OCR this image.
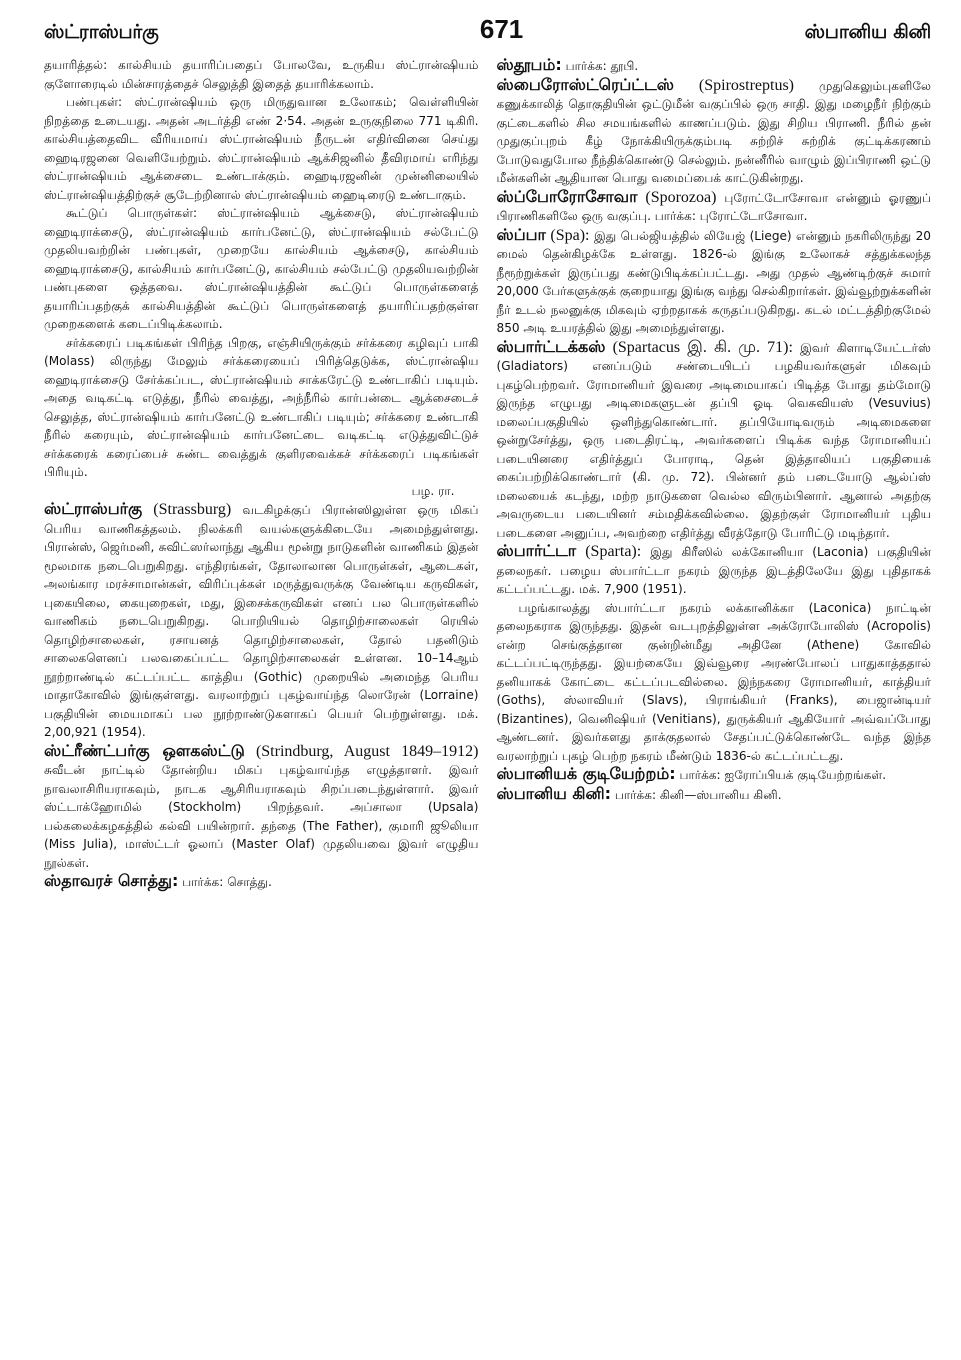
ஸ்ட்ராஸ்பர்கு	671	ஸ்பானிய கினி

தயாரித்தல்: கால்சியம் தயாரிப்பதைப் போலவே, உருகிய ஸ்ட்ரான்ஷியம் குளோரைடில் மின்சாரத்தைச் செலுத்தி இதைத் தயாரிக்கலாம்.

பண்புகள்: ஸ்ட்ரான்ஷியம் ஒரு மிருதுவான உலோகம்; வெள்ளியின் நிறத்தை உடையது. அதன் அடர்த்தி எண் 2·54. அதன் உருகுநிலை 771 டிகிரி. கால்சியத்தைவிட வீரியமாய் ஸ்ட்ரான்ஷியம் நீருடன் எதிர்வினை செய்து ஹைடிரஜனை வெளியேற்றும். ஸ்ட்ரான்ஷியம் ஆக்சிஜனில் தீவிரமாய் எரிந்து ஸ்ட்ரான்ஷியம் ஆக்சைடை உண்டாக்கும். ஹைடிரஜனின் முன்னிலையில் ஸ்ட்ரான்ஷியத்திற்குச் சூடேற்றினால் ஸ்ட்ரான்ஷியம் ஹைடிரைடு உண்டாகும்.

கூட்டுப் பொருள்கள்: ஸ்ட்ரான்ஷியம் ஆக்சைடு, ஸ்ட்ரான்ஷியம் ஹைடிராக்சைடு, ஸ்ட்ரான்ஷியம் கார்பனேட்டு, ஸ்ட்ரான்ஷியம் சல்பேட்டு முதலியவற்றின் பண்புகள், முறையே கால்சியம் ஆக்சைடு, கால்சியம் ஹைடிராக்சைடு, கால்சியம் கார்பனேட்டு, கால்சியம் சல்பேட்டு முதலியவற்றின் பண்புகளை ஒத்தவை. ஸ்ட்ரான்ஷியத்தின் கூட்டுப் பொருள்களைத் தயாரிப்பதற்குக் கால்சியத்தின் கூட்டுப் பொருள்களைத் தயாரிப்பதற்குள்ள முறைகளைக் கடைப்பிடிக்கலாம்.

சர்க்கரைப் படிகங்கள் பிரிந்த பிறகு, எஞ்சியிருக்கும் சர்க்கரை கழிவுப் பாகி (Molass) லிருந்து மேலும் சர்க்கரையைப் பிரித்தெடுக்க, ஸ்ட்ரான்ஷிய ஹைடிராக்சைடு சேர்க்கப்பட, ஸ்ட்ரான்ஷியம் சாக்கரேட்டு உண்டாகிப் படியும். அதை வடிகட்டி எடுத்து, நீரில் வைத்து, அந்நீரில் கார்பன்டை ஆக்சைடைச் செலுத்த, ஸ்ட்ரான்ஷியம் கார்பனேட்டு உண்டாகிப் படியும்; சர்க்கரை உண்டாகி நீரில் கரையும், ஸ்ட்ரான்ஷியம் கார்பனேட்டை வடிகட்டி எடுத்துவிட்டுச் சர்க்கரைக் கரைப்பைச் சுண்ட வைத்துக் குளிரவைக்கச் சர்க்கரைப் படிகங்கள் பிரியும்.
பழ. ரா.

ஸ்ட்ராஸ்பர்கு (Strassburg) வடகிழக்குப் பிரான்ஸிலுள்ள ஒரு மிகப் பெரிய வாணிகத்தலம். நிலக்கரி வயல்களுக்கிடையே அமைந்துள்ளது. பிரான்ஸ், ஜெர்மனி, சுவிட்ஸர்லாந்து ஆகிய மூன்று நாடுகளின் வாணிகம் இதன் மூலமாக நடைபெறுகிறது. எந்திரங்கள், தோலாலான பொருள்கள், ஆடைகள், அலங்கார மரச்சாமான்கள், விரிப்புக்கள் மருத்துவருக்கு வேண்டிய கருவிகள், புகையிலை, கையுறைகள், மது, இசைக்கருவிகள் எனப் பல பொருள்களில் வாணிகம் நடைபெறுகிறது. பொறியியல் தொழிற்சாலைகள் ரெயில் தொழிற்சாலைகள், ரசாயனத் தொழிற்சாலைகள், தோல் பதனிடும் சாலைகளெனப் பலவகைப்பட்ட தொழிற்சாலைகள் உள்ளன. 10–14ஆம் நூற்றாண்டில் கட்டப்பட்ட காத்திய (Gothic) முறையில் அமைந்த பெரிய மாதாகோவில் இங்குள்ளது. வரலாற்றுப் புகழ்வாய்ந்த லொரேன் (Lorraine) பகுதியின் மையமாகப் பல நூற்றாண்டுகளாகப் பெயர் பெற்றுள்ளது. மக். 2,00,921 (1954).

ஸ்ட்ரீண்ட்பர்கு ஒளகஸ்ட்டு (Strindburg, August 1849–1912) சுவீடன் நாட்டில் தோன்றிய மிகப் புகழ்வாய்ந்த எழுத்தாளர். இவர் நாவலாசிரியராகவும், நாடக ஆசிரியராகவும் சிறப்படைந்துள்ளார். இவர் ஸ்ட்டாக்ஹோமில் (Stockholm) பிறந்தவர். அப்சாலா (Upsala) பல்கலைக்கழகத்தில் கல்வி பயின்றார். தந்தை (The Father), குமாரி ஜூலியா (Miss Julia), மாஸ்ட்டர் ஓலாப் (Master Olaf) முதலியவை இவர் எழுதிய நூல்கள்.

ஸ்தாவரச் சொத்து: பார்க்க: சொத்து.

ஸ்தூபம்: பார்க்க: தூபி.

ஸ்பைரோஸ்ட்ரெப்ட்டஸ் (Spirostreptus) முதுகெலும்புகளிலே கணுக்காலித் தொகுதியின் ஒட்டுமீன் வகுப்பில் ஒரு சாதி. இது மழைநீர் நிற்கும் குட்டைகளில் சில சமயங்களில் காணப்படும். இது சிறிய பிராணி. நீரில் தன் முதுகுப்புறம் கீழ் நோக்கியிருக்கும்படி சுற்றிச் சுற்றிக் குட்டிக்கரணம் போடுவதுபோல நீந்திக்கொண்டு செல்லும். நன்னீரில் வாழும் இப்பிராணி ஒட்டு மீன்களின் ஆதியான பொது வமைப்பைக் காட்டுகின்றது.

ஸ்ப்போரோசோவா (Sporozoa) புரோட்டோசோவா என்னும் ஓரணுப் பிராணிகளிலே ஒரு வகுப்பு. பார்க்க: புரோட்டோசோவா.

ஸ்ப்பா (Spa): இது பெல்ஜியத்தில் லியேஜ் (Liege) என்னும் நகரிலிருந்து 20 மைல் தென்கிழக்கே உள்ளது. 1826-ல் இங்கு உலோகச் சத்துக்கலந்த நீரூற்றுக்கள் இருப்பது கண்டுபிடிக்கப்பட்டது. அது முதல் ஆண்டிற்குச் சுமார் 20,000 பேர்களுக்குக் குறையாது இங்கு வந்து செல்கிறார்கள். இவ்வூற்றுக்களின் நீர் உடல் நலனுக்கு மிகவும் ஏற்றதாகக் கருதப்படுகிறது. கடல் மட்டத்திற்குமேல் 850 அடி உயரத்தில் இது அமைந்துள்ளது.

ஸ்பார்ட்டக்கஸ் (Spartacus இ. கி. மு. 71): இவர் கிளாடியேட்டர்ஸ் (Gladiators) எனப்படும் சண்டையிடப் பழகியவர்களுள் மிகவும் புகழ்பெற்றவர். ரோமானியர் இவரை அடிமையாகப் பிடித்த போது தம்மோடு இருந்த எழுபது அடிமைகளுடன் தப்பி ஓடி வெசுவியஸ் (Vesuvius) மலைப்பகுதியில் ஒளிந்துகொண்டார். தப்பியோடிவரும் அடிமைகளை ஒன்றுசேர்த்து, ஒரு படைதிரட்டி, அவர்களைப் பிடிக்க வந்த ரோமானியப் படையினரை எதிர்த்துப் போராடி, தென் இத்தாலியப் பகுதியைக் கைப்பற்றிக்கொண்டார் (கி. மு. 72). பின்னர் தம் படையோடு ஆல்ப்ஸ் மலையைக் கடந்து, மற்ற நாடுகளை வெல்ல விரும்பினார். ஆனால் அதற்கு அவருடைய படையினர் சம்மதிக்கவில்லை. இதற்குள் ரோமானியர் புதிய படைகளை அனுப்ப, அவற்றை எதிர்த்து வீரத்தோடு போரிட்டு மடிந்தார்.

ஸ்பார்ட்டா (Sparta): இது கிரீஸில் லக்கோனியா (Laconia) பகுதியின் தலைநகர். பழைய ஸ்பார்ட்டா நகரம் இருந்த இடத்திலேயே இது புதிதாகக் கட்டப்பட்டது. மக். 7,900 (1951).

பழங்காலத்து ஸ்பார்ட்டா நகரம் லக்கானிக்கா (Laconica) நாட்டின் தலைநகராக இருந்தது. இதன் வடபுறத்திலுள்ள அக்ரோபோலிஸ் (Acropolis) என்ற செங்குத்தான குன்றின்மீது அதினே (Athene) கோவில் கட்டப்பட்டிருந்தது. இயற்கையே இவ்வூரை அரண்போலப் பாதுகாத்ததால் தனியாகக் கோட்டை கட்டப்படவில்லை. இந்நகரை ரோமானியர், காத்தியர் (Goths), ஸ்லாவியர் (Slavs), பிராங்கியர் (Franks), பைஜான்டியர் (Bizantines), வெனிஷியர் (Venitians), துருக்கியர் ஆகியோர் அவ்வப்போது ஆண்டனர். இவர்களது தாக்குதலால் சேதப்பட்டுக்கொண்டே வந்த இந்த வரலாற்றுப் புகழ் பெற்ற நகரம் மீண்டும் 1836-ல் கட்டப்பட்டது.

ஸ்பானியக் குடியேற்றம்: பார்க்க: ஐரோப்பியக் குடியேற்றங்கள்.

ஸ்பானிய கினி: பார்க்க: கினி—ஸ்பானிய கினி.
